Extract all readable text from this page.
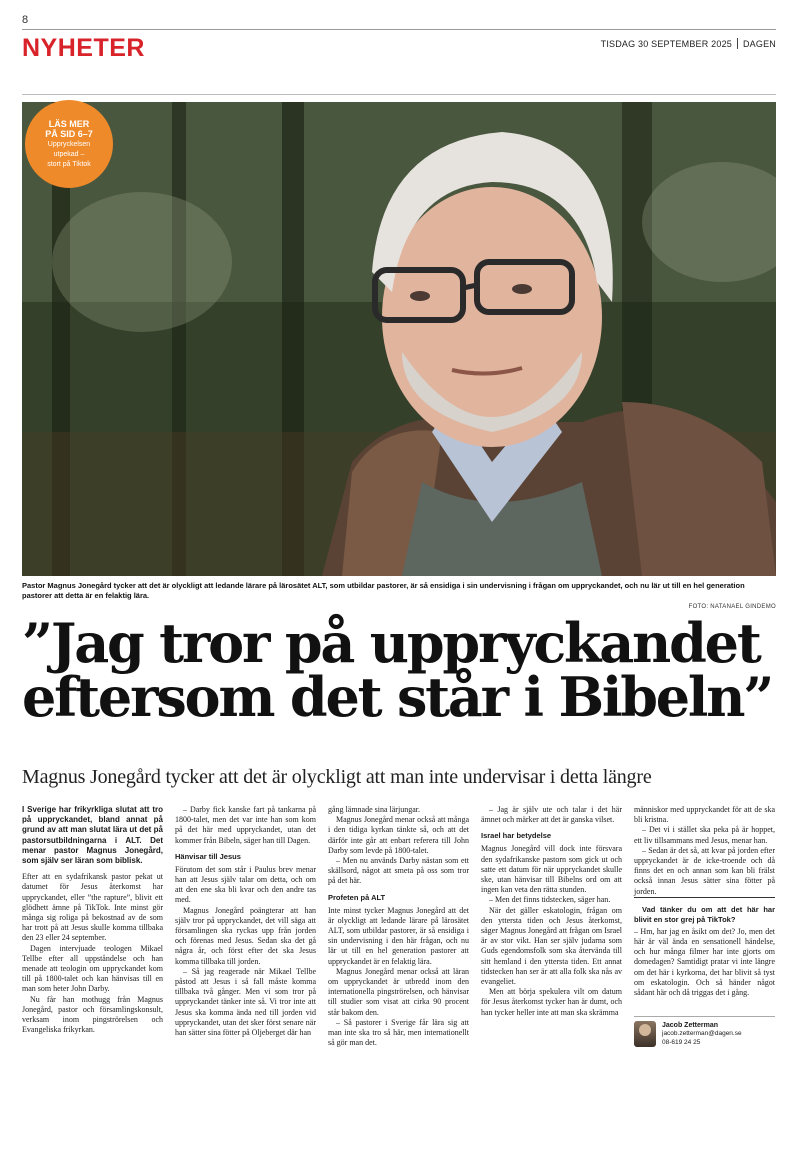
8
NYHETER	TISDAG 30 SEPTEMBER 2025 DAGEN
LÄS MER
PÅ SID 6–7
Uppryckelsen
utpekad –
stort på Tiktok
Pastor Magnus Jonegård tycker att det är olyckligt att ledande lärare på lärosätet ALT, som utbildar pastorer, är så ensidiga i sin undervisning i frågan om uppryckandet, och nu lär ut till en hel generation pastorer att detta är en felaktig lära.
FOTO: NATANAEL GINDEMO
”Jag tror på uppryckandet eftersom det står i Bibeln”
Magnus Jonegård tycker att det är olyckligt att man inte undervisar i detta längre

I Sverige har frikyrkliga slutat att tro på uppryckandet, bland annat på grund av att man slutat lära ut det på pastorsutbildningarna i ALT. Det menar pastor Magnus Jonegård, som själv ser läran som biblisk.

Efter att en sydafrikansk pastor pekat ut datumet för Jesus återkomst har uppryckandet, eller ”the rapture”, blivit ett glödhett ämne på TikTok. Inte minst gör många sig roliga på bekostnad av de som har trott på att Jesus skulle komma tillbaka den 23 eller 24 september.

Dagen intervjuade teologen Mikael Tellbe efter all uppståndelse och han menade att teologin om uppryckandet kom till på 1800-talet och kan hänvisas till en man som heter John Darby.

Nu får han mothugg från Magnus Jonegård, pastor och församlingskonsult, verksam inom pingströrelsen och Evangeliska frikyrkan.

– Darby fick kanske fart på tankarna på 1800-talet, men det var inte han som kom på det här med uppryckandet, utan det kommer från Bibeln, säger han till Dagen.

Hänvisar till Jesus

Förutom det som står i Paulus brev menar han att Jesus själv talar om detta, och om att den ene ska bli kvar och den andre tas med.

Magnus Jonegård poängterar att han själv tror på uppryckandet, det vill säga att församlingen ska ryckas upp från jorden och förenas med Jesus. Sedan ska det gå några år, och först efter det ska Jesus komma tillbaka till jorden.

– Så jag reagerade när Mikael Tellbe påstod att Jesus i så fall måste komma tillbaka två gånger. Men vi som tror på uppryckandet tänker inte så. Vi tror inte att Jesus ska komma ända ned till jorden vid uppryckandet, utan det sker först senare när han sätter sina fötter på Oljeberget där han

gång lämnade sina lärjungar.

Magnus Jonegård menar också att många i den tidiga kyrkan tänkte så, och att det därför inte går att enbart referera till John Darby som levde på 1800-talet.

– Men nu används Darby nästan som ett skällsord, något att smeta på oss som tror på det här.

Profeten på ALT

Inte minst tycker Magnus Jonegård att det är olyckligt att ledande lärare på lärosätet ALT, som utbildar pastorer, är så ensidiga i sin undervisning i den här frågan, och nu lär ut till en hel generation pastorer att uppryckandet är en felaktig lära.

Magnus Jonegård menar också att läran om uppryckandet är utbredd inom den internationella pingströrelsen, och hänvisar till studier som visat att cirka 90 procent står bakom den.

– Så pastorer i Sverige får lära sig att man inte ska tro så här, men internationellt så gör man det.

– Jag är själv ute och talar i det här ämnet och märker att det är ganska vilset.

Israel har betydelse

Magnus Jonegård vill dock inte försvara den sydafrikanske pastorn som gick ut och satte ett datum för när uppryckandet skulle ske, utan hänvisar till Bibelns ord om att ingen kan veta den rätta stunden.

– Men det finns tidstecken, säger han.

När det gäller eskatologin, frågan om den yttersta tiden och Jesus återkomst, säger Magnus Jonegård att frågan om Israel är av stor vikt. Han ser själv judarna som Guds egendomsfolk som ska återvända till sitt hemland i den yttersta tiden. Ett annat tidstecken han ser är att alla folk ska nås av evangeliet.

Men att börja spekulera vilt om datum för Jesus återkomst tycker han är dumt, och han tycker heller inte att man ska skrämma

människor med uppryckandet för att de ska bli kristna.

– Det vi i stället ska peka på är hoppet, ett liv tillsammans med Jesus, menar han.

– Sedan är det så, att kvar på jorden efter uppryckandet är de icke-troende och då finns det en och annan som kan bli frälst också innan Jesus sätter sina fötter på jorden.

Vad tänker du om att det här har blivit en stor grej på TikTok?

– Hm, har jag en åsikt om det? Jo, men det här är väl ända en sensationell händelse, och hur många filmer har inte gjorts om domedagen? Samtidigt pratar vi inte längre om det här i kyrkorna, det har blivit så tyst om eskatologin. Och så händer något sådant här och då triggas det i gång.

Jacob Zetterman
jacob.zetterman@dagen.se
08-619 24 25
